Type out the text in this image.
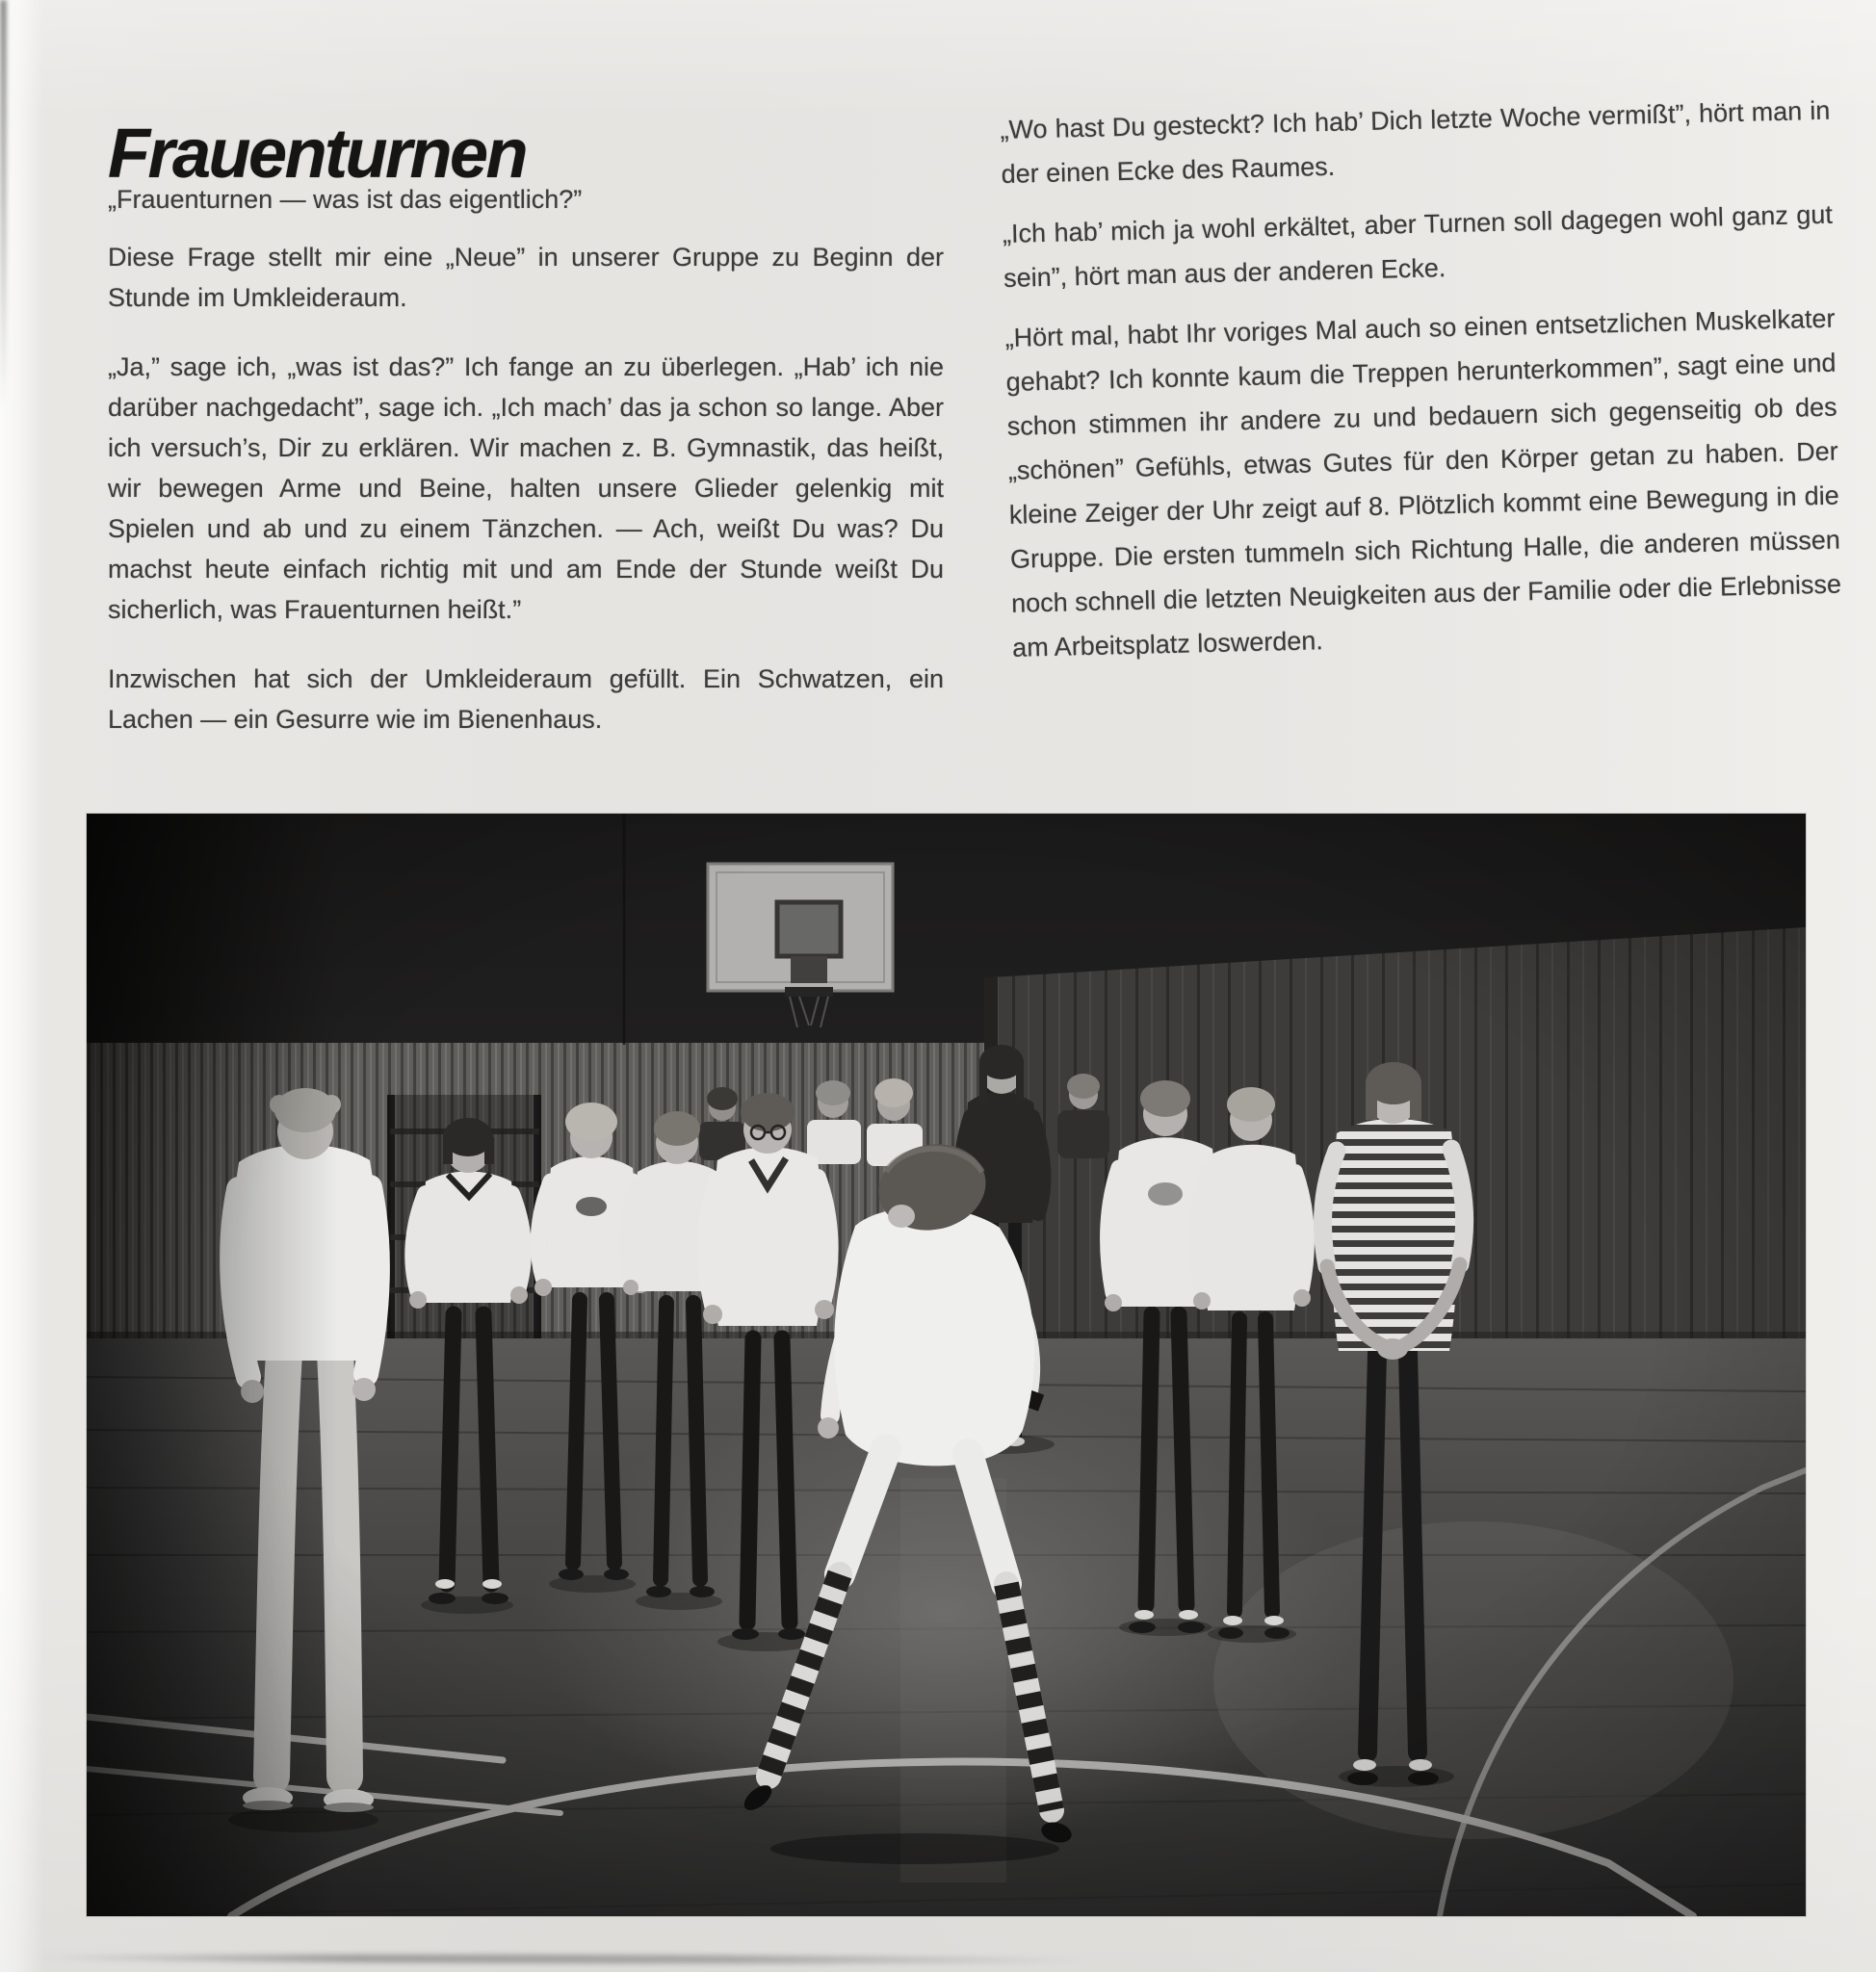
Frauenturnen

„Frauenturnen — was ist das eigentlich?”

Diese Frage stellt mir eine „Neue” in unserer Gruppe zu Beginn der Stunde im Umkleideraum.

„Ja,” sage ich, „was ist das?” Ich fange an zu überlegen. „Hab’ ich nie darüber nachgedacht”, sage ich. „Ich mach’ das ja schon so lange. Aber ich versuch’s, Dir zu erklären. Wir machen z. B. Gymnastik, das heißt, wir bewegen Arme und Beine, halten unsere Glieder gelenkig mit Spielen und ab und zu einem Tänzchen. — Ach, weißt Du was? Du machst heute einfach richtig mit und am Ende der Stunde weißt Du sicherlich, was Frauenturnen heißt.”

Inzwischen hat sich der Umkleideraum gefüllt. Ein Schwatzen, ein Lachen — ein Gesurre wie im Bienenhaus.

„Wo hast Du gesteckt? Ich hab’ Dich letzte Woche vermißt”, hört man in der einen Ecke des Raumes.

„Ich hab’ mich ja wohl erkältet, aber Turnen soll dagegen wohl ganz gut sein”, hört man aus der anderen Ecke.

„Hört mal, habt Ihr voriges Mal auch so einen entsetzlichen Muskelkater gehabt? Ich konnte kaum die Treppen herunterkommen”, sagt eine und schon stimmen ihr andere zu und bedauern sich gegenseitig ob des „schönen” Gefühls, etwas Gutes für den Körper getan zu haben. Der kleine Zeiger der Uhr zeigt auf 8. Plötzlich kommt eine Bewegung in die Gruppe. Die ersten tummeln sich Richtung Halle, die anderen müssen noch schnell die letzten Neuigkeiten aus der Familie oder die Erlebnisse am Arbeitsplatz loswerden.
